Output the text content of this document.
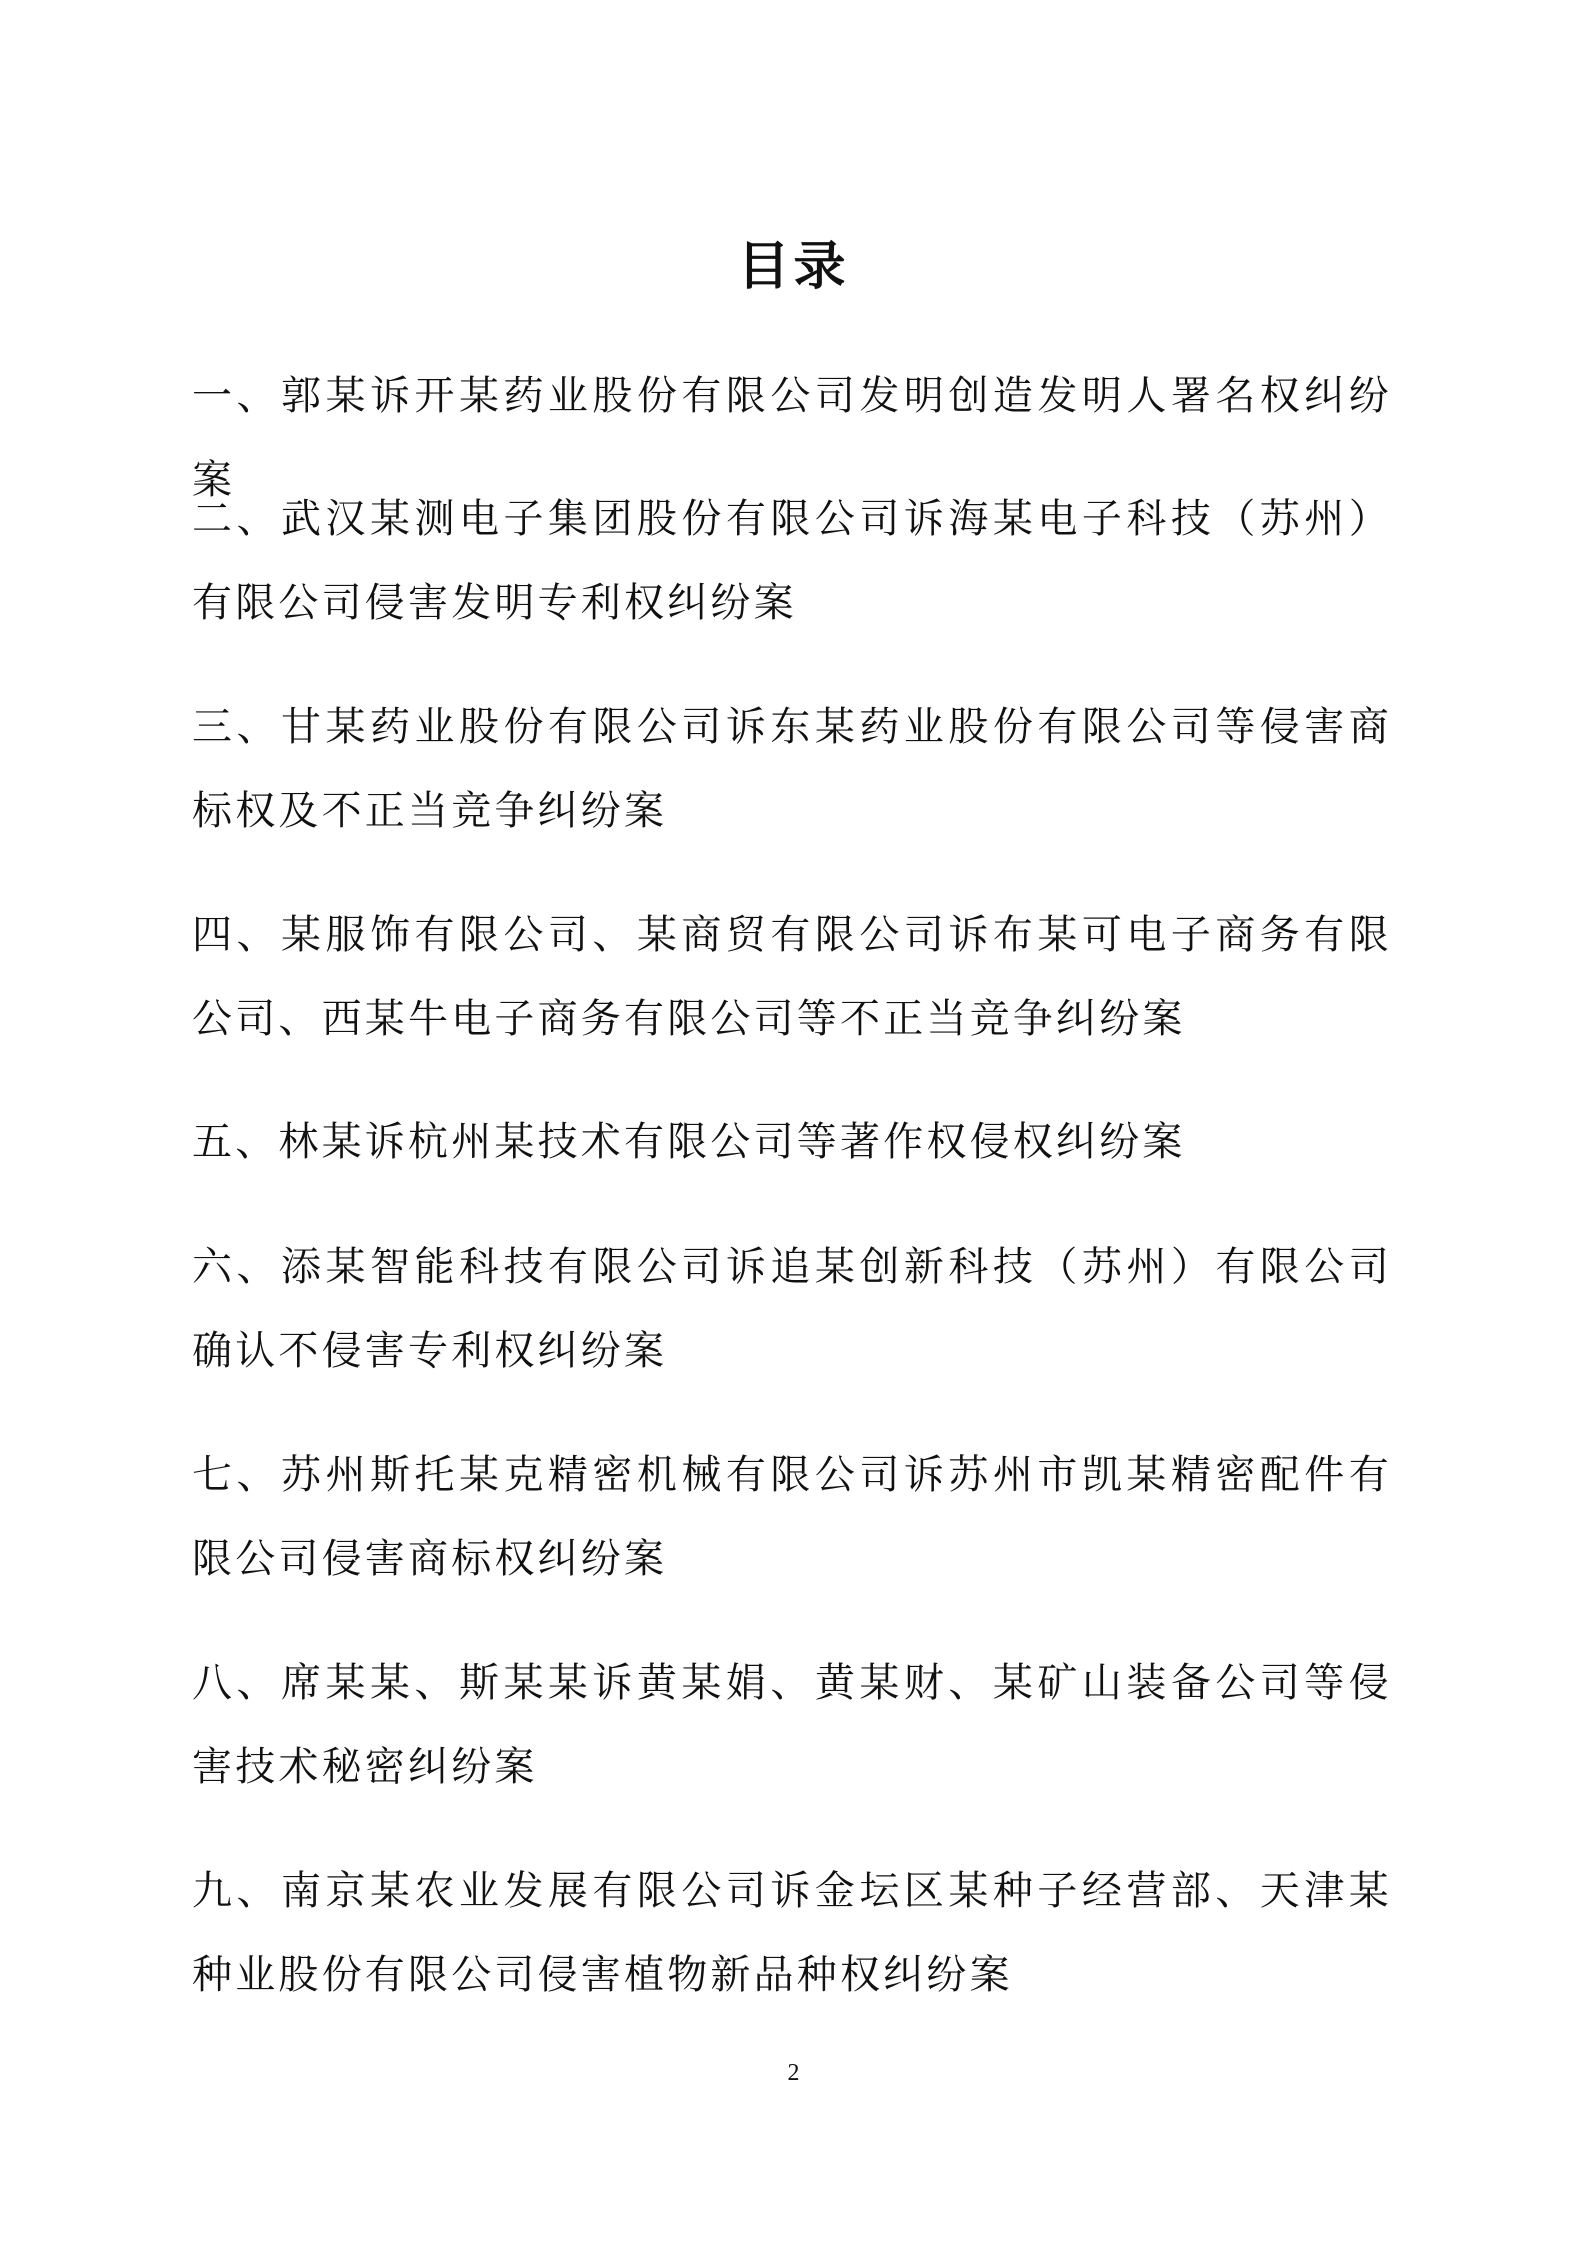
目录
一、郭某诉开某药业股份有限公司发明创造发明人署名权纠纷案
二、武汉某测电子集团股份有限公司诉海某电子科技（苏州）有限公司侵害发明专利权纠纷案
三、甘某药业股份有限公司诉东某药业股份有限公司等侵害商标权及不正当竞争纠纷案
四、某服饰有限公司、某商贸有限公司诉布某可电子商务有限公司、西某牛电子商务有限公司等不正当竞争纠纷案
五、林某诉杭州某技术有限公司等著作权侵权纠纷案
六、添某智能科技有限公司诉追某创新科技（苏州）有限公司确认不侵害专利权纠纷案
七、苏州斯托某克精密机械有限公司诉苏州市凯某精密配件有限公司侵害商标权纠纷案
八、席某某、斯某某诉黄某娟、黄某财、某矿山装备公司等侵害技术秘密纠纷案
九、南京某农业发展有限公司诉金坛区某种子经营部、天津某种业股份有限公司侵害植物新品种权纠纷案
2
